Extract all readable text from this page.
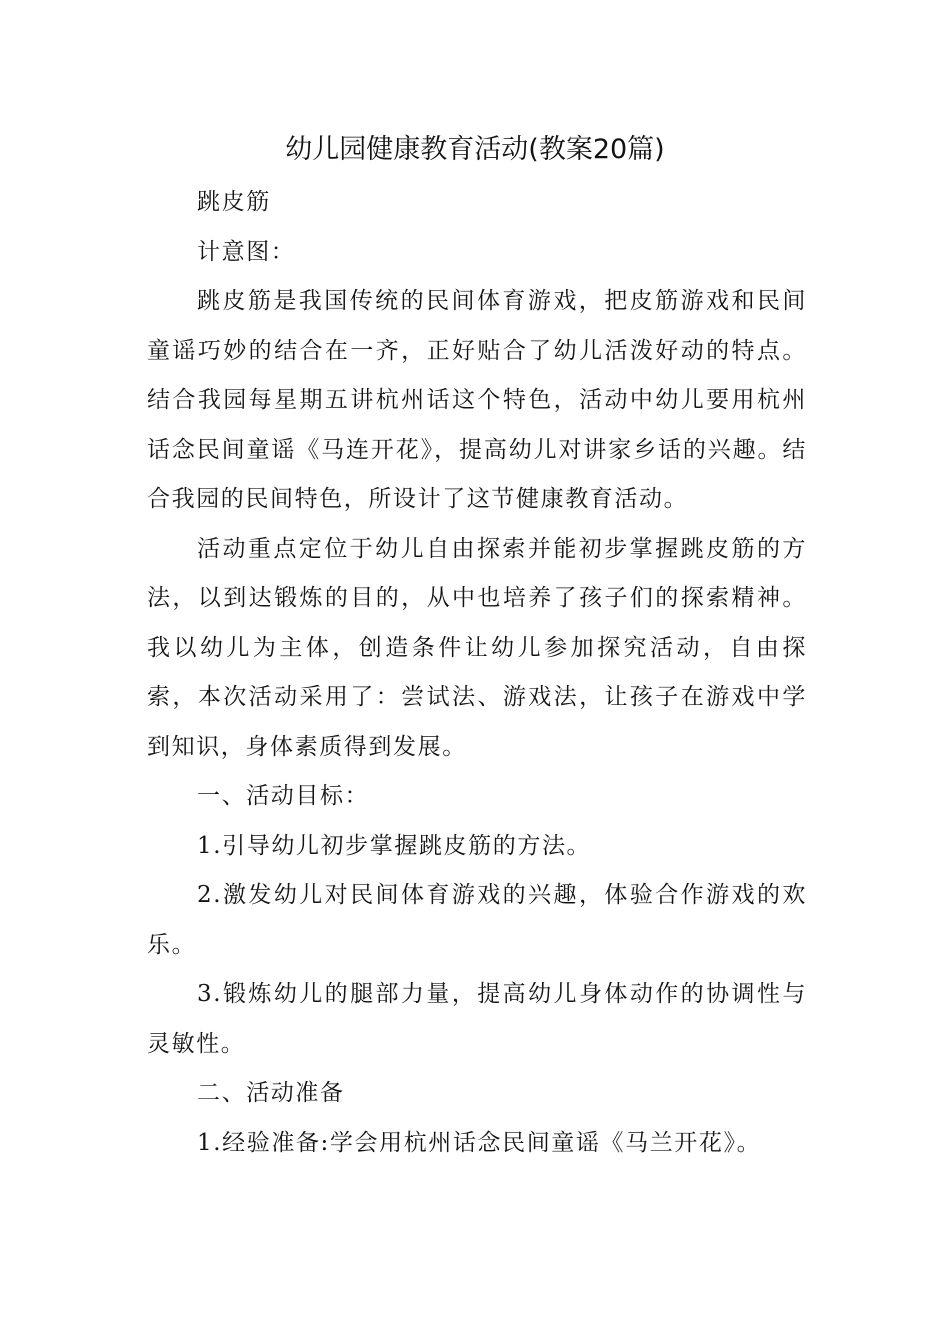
幼儿园健康教育活动(教案20篇)

跳皮筋

计意图：

跳皮筋是我国传统的民间体育游戏，把皮筋游戏和民间童谣巧妙的结合在一齐，正好贴合了幼儿活泼好动的特点。结合我园每星期五讲杭州话这个特色，活动中幼儿要用杭州话念民间童谣《马连开花》，提高幼儿对讲家乡话的兴趣。结合我园的民间特色，所设计了这节健康教育活动。

活动重点定位于幼儿自由探索并能初步掌握跳皮筋的方法，以到达锻炼的目的，从中也培养了孩子们的探索精神。我以幼儿为主体，创造条件让幼儿参加探究活动，自由探索，本次活动采用了：尝试法、游戏法，让孩子在游戏中学到知识，身体素质得到发展。

一、活动目标：

1.引导幼儿初步掌握跳皮筋的方法。

2.激发幼儿对民间体育游戏的兴趣，体验合作游戏的欢乐。

3.锻炼幼儿的腿部力量，提高幼儿身体动作的协调性与灵敏性。

二、活动准备

1.经验准备:学会用杭州话念民间童谣《马兰开花》。
